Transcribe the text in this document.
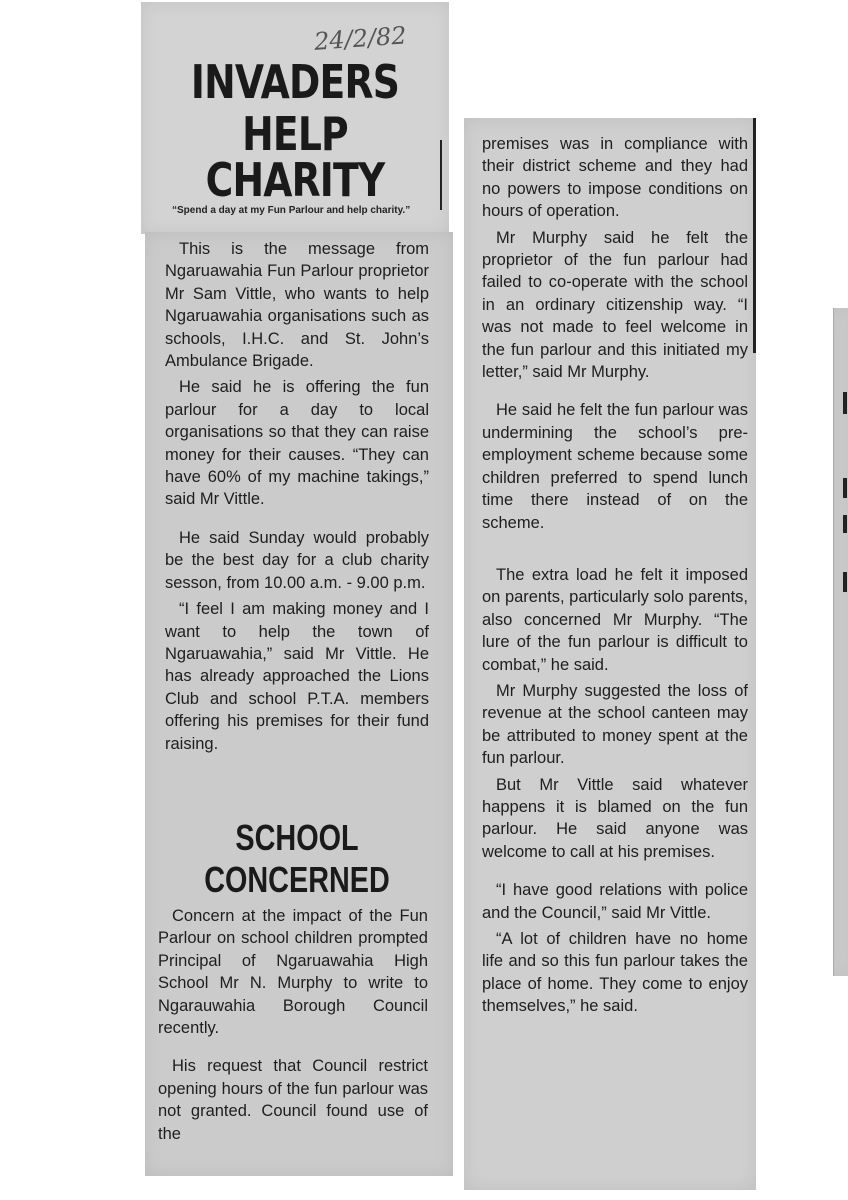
24/2/82
INVADERS
HELP
CHARITY

“Spend a day at my Fun Parlour and help charity.”

This is the message from Ngaruawahia Fun Parlour proprietor Mr Sam Vittle, who wants to help Ngaruawahia organisations such as schools, I.H.C. and St. John’s Ambulance Brigade.

He said he is offering the fun parlour for a day to local organisations so that they can raise money for their causes. “They can have 60% of my machine takings,” said Mr Vittle.

He said Sunday would probably be the best day for a club charity sesson, from 10.00 a.m. - 9.00 p.m.

“I feel I am making money and I want to help the town of Ngaruawahia,” said Mr Vittle. He has already approached the Lions Club and school P.T.A. members offering his premises for their fund raising.

SCHOOL
CONCERNED

Concern at the impact of the Fun Parlour on school children prompted Principal of Ngaruawahia High School Mr N. Murphy to write to Ngarauwahia Borough Council recently.

His request that Council restrict opening hours of the fun parlour was not granted. Council found use of the

premises was in compliance with their district scheme and they had no powers to impose conditions on hours of operation.

Mr Murphy said he felt the proprietor of the fun parlour had failed to co-operate with the school in an ordinary citizenship way. “I was not made to feel welcome in the fun parlour and this initiated my letter,” said Mr Murphy.

He said he felt the fun parlour was undermining the school’s pre-employment scheme because some children preferred to spend lunch time there instead of on the scheme.

The extra load he felt it imposed on parents, particularly solo parents, also concerned Mr Murphy. “The lure of the fun parlour is difficult to combat,” he said.

Mr Murphy suggested the loss of revenue at the school canteen may be attributed to money spent at the fun parlour.

But Mr Vittle said whatever happens it is blamed on the fun parlour. He said anyone was welcome to call at his premises.

“I have good relations with police and the Council,” said Mr Vittle.

“A lot of children have no home life and so this fun parlour takes the place of home. They come to enjoy themselves,” he said.
